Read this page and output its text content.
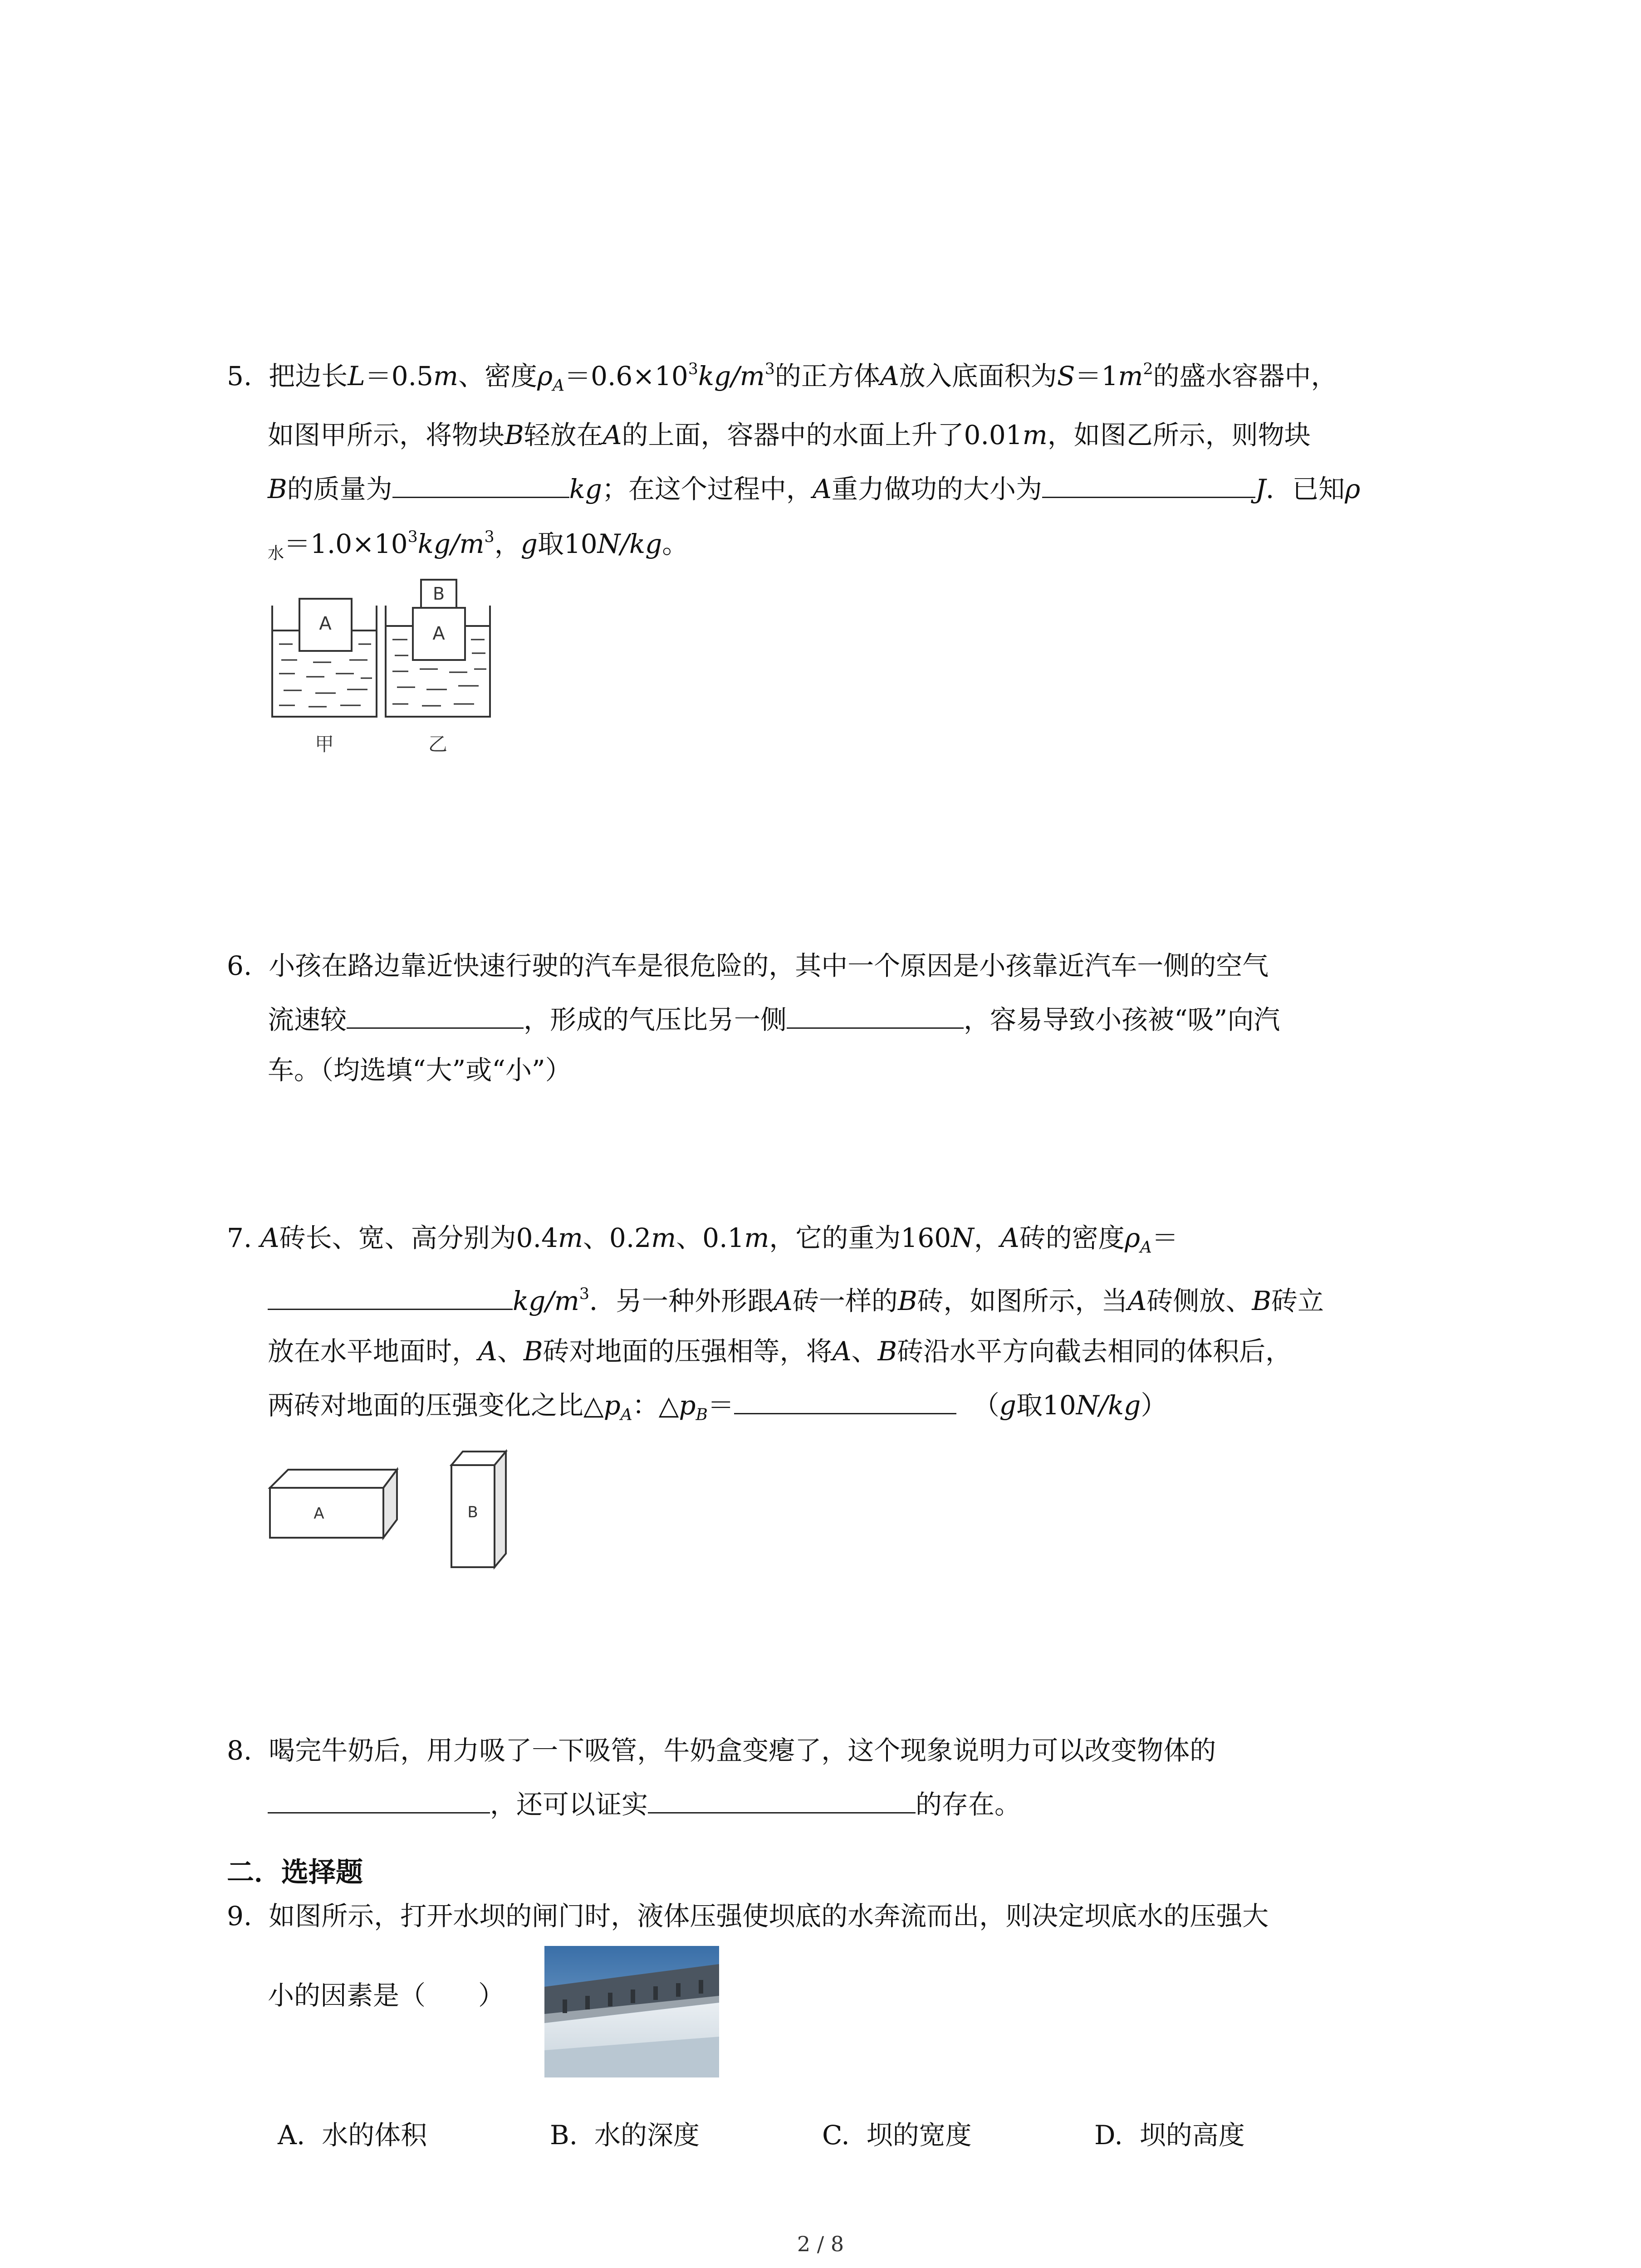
5. 把边长L＝0.5m、密度$\rho_A=0.6\times 10^3kg/m^3$的正方体A放入底面积为$S=1m^2$的盛水容器中，
如图甲所示，将物块B轻放在A的上面，容器中的水面上升了0.01m，如图乙所示，则物块
B的质量为	kg；在这个过程中，A重力做功的大小为	J．已知ρ
$_水=1.0\times 10^3kg/m^3$，g取10N/kg。
A	A
B
甲	乙
6. 小孩在路边靠近快速行驶的汽车是很危险的，其中一个原因是小孩靠近汽车一侧的空气
流速较	，形成的气压比另一侧	，容易导致小孩被“吸”向汽
车。（均选填“大”或“小”）
7. A砖长、宽、高分别为0.4m、0.2m、0.1m，它的重为160N，A砖的密度$\rho_A=$
$kg/m^3$．另一种外形跟A砖一样的B砖，如图所示，当A砖侧放、B砖立
放在水平地面时，A、B砖对地面的压强相等，将A、B砖沿水平方向截去相同的体积后，
两砖对地面的压强变化之比$\triangle p_A$：$\triangle p_B=$	（g取10N/kg）
A	B
8. 喝完牛奶后，用力吸了一下吸管，牛奶盒变瘪了，这个现象说明力可以改变物体的
，还可以证实	的存在。
二．选择题
9. 如图所示，打开水坝的闸门时，液体压强使坝底的水奔流而出，则决定坝底水的压强大
小的因素是（　　）
A. 水的体积	B. 水的深度	C. 坝的宽度	D. 坝的高度
2 / 8
